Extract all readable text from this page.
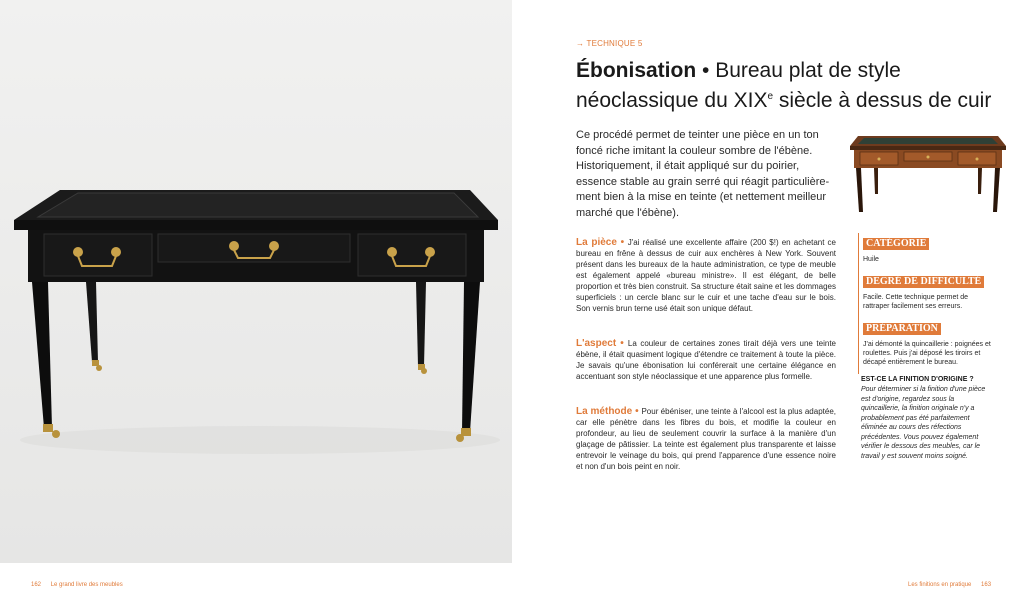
162 Le grand livre des meubles	Les finitions en pratique 163
→ TECHNIQUE 5
Ébonisation • Bureau plat de style néoclassique du XIXe siècle à dessus de cuir
Ce procédé permet de teinter une pièce en un ton foncé riche imitant la couleur sombre de l'ébène. Historiquement, il était appliqué sur du poirier, essence stable au grain serré qui réagit particulièrement bien à la mise en teinte (et nettement meilleur marché que l'ébène).
La pièce • J'ai réalisé une excellente affaire (200 $!) en achetant ce bureau en frêne à dessus de cuir aux enchères à New York. Souvent présent dans les bureaux de la haute administration, ce type de meuble est également appelé «bureau ministre». Il est élégant, de belle proportion et très bien construit. Sa structure était saine et les dommages superficiels : un cercle blanc sur le cuir et une tache d'eau sur le bois. Son vernis brun terne usé était son unique défaut.
L'aspect • La couleur de certaines zones tirait déjà vers une teinte ébène, il était quasiment logique d'étendre ce traitement à toute la pièce. Je savais qu'une ébonisation lui conférerait une certaine élégance en accentuant son style néoclassique et une apparence plus formelle.
La méthode • Pour ébéniser, une teinte à l'alcool est la plus adaptée, car elle pénètre dans les fibres du bois, et modifie la couleur en profondeur, au lieu de seulement couvrir la surface à la manière d'un glaçage de pâtissier. La teinte est également plus transparente et laisse entrevoir le veinage du bois, qui prend l'apparence d'une essence noire et non d'un bois peint en noir.
CATÉGORIE
Huile
DEGRÉ DE DIFFICULTÉ
Facile. Cette technique permet de rattraper facilement ses erreurs.
PRÉPARATION
J'ai démonté la quincaillerie : poignées et roulettes. Puis j'ai déposé les tiroirs et décapé entièrement le bureau.
EST-CE LA FINITION D'ORIGINE ?
Pour déterminer si la finition d'une pièce est d'origine, regardez sous la quincaillerie, la finition originale n'y a probablement pas été parfaitement éliminée au cours des réfections précédentes. Vous pouvez également vérifier le dessous des meubles, car le travail y est souvent moins soigné.
